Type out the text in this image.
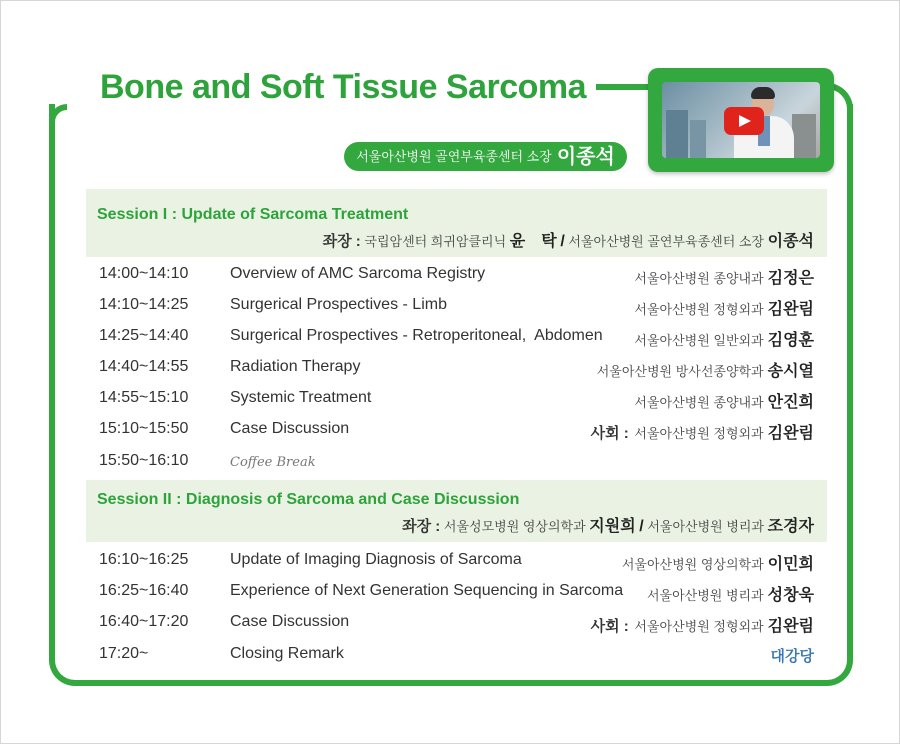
Bone and Soft Tissue Sarcoma
서울아산병원 골연부육종센터 소장 이종석
Session I : Update of Sarcoma Treatment
좌장 : 국립암센터 희귀암클리닉 윤　탁 / 서울아산병원 골연부육종센터 소장 이종석
14:00~14:10	Overview of AMC Sarcoma Registry	서울아산병원 종양내과 김정은
14:10~14:25	Surgerical Prospectives - Limb	서울아산병원 정형외과 김완림
14:25~14:40	Surgerical Prospectives - Retroperitoneal,  Abdomen 서울아산병원 일반외과 김영훈
14:40~14:55	Radiation Therapy	서울아산병원 방사선종양학과 송시열
14:55~15:10	Systemic Treatment	서울아산병원 종양내과 안진희
15:10~15:50	Case Discussion	사회 : 서울아산병원 정형외과 김완림
15:50~16:10	Coffee Break
Session II : Diagnosis of Sarcoma and Case Discussion
좌장 : 서울성모병원 영상의학과 지원희 / 서울아산병원 병리과 조경자
16:10~16:25	Update of Imaging Diagnosis of Sarcoma	서울아산병원 영상의학과 이민희
16:25~16:40	Experience of Next Generation Sequencing in Sarcoma 서울아산병원 병리과 성창욱
16:40~17:20	Case Discussion	사회 : 서울아산병원 정형외과 김완림
17:20~	Closing Remark	대강당
